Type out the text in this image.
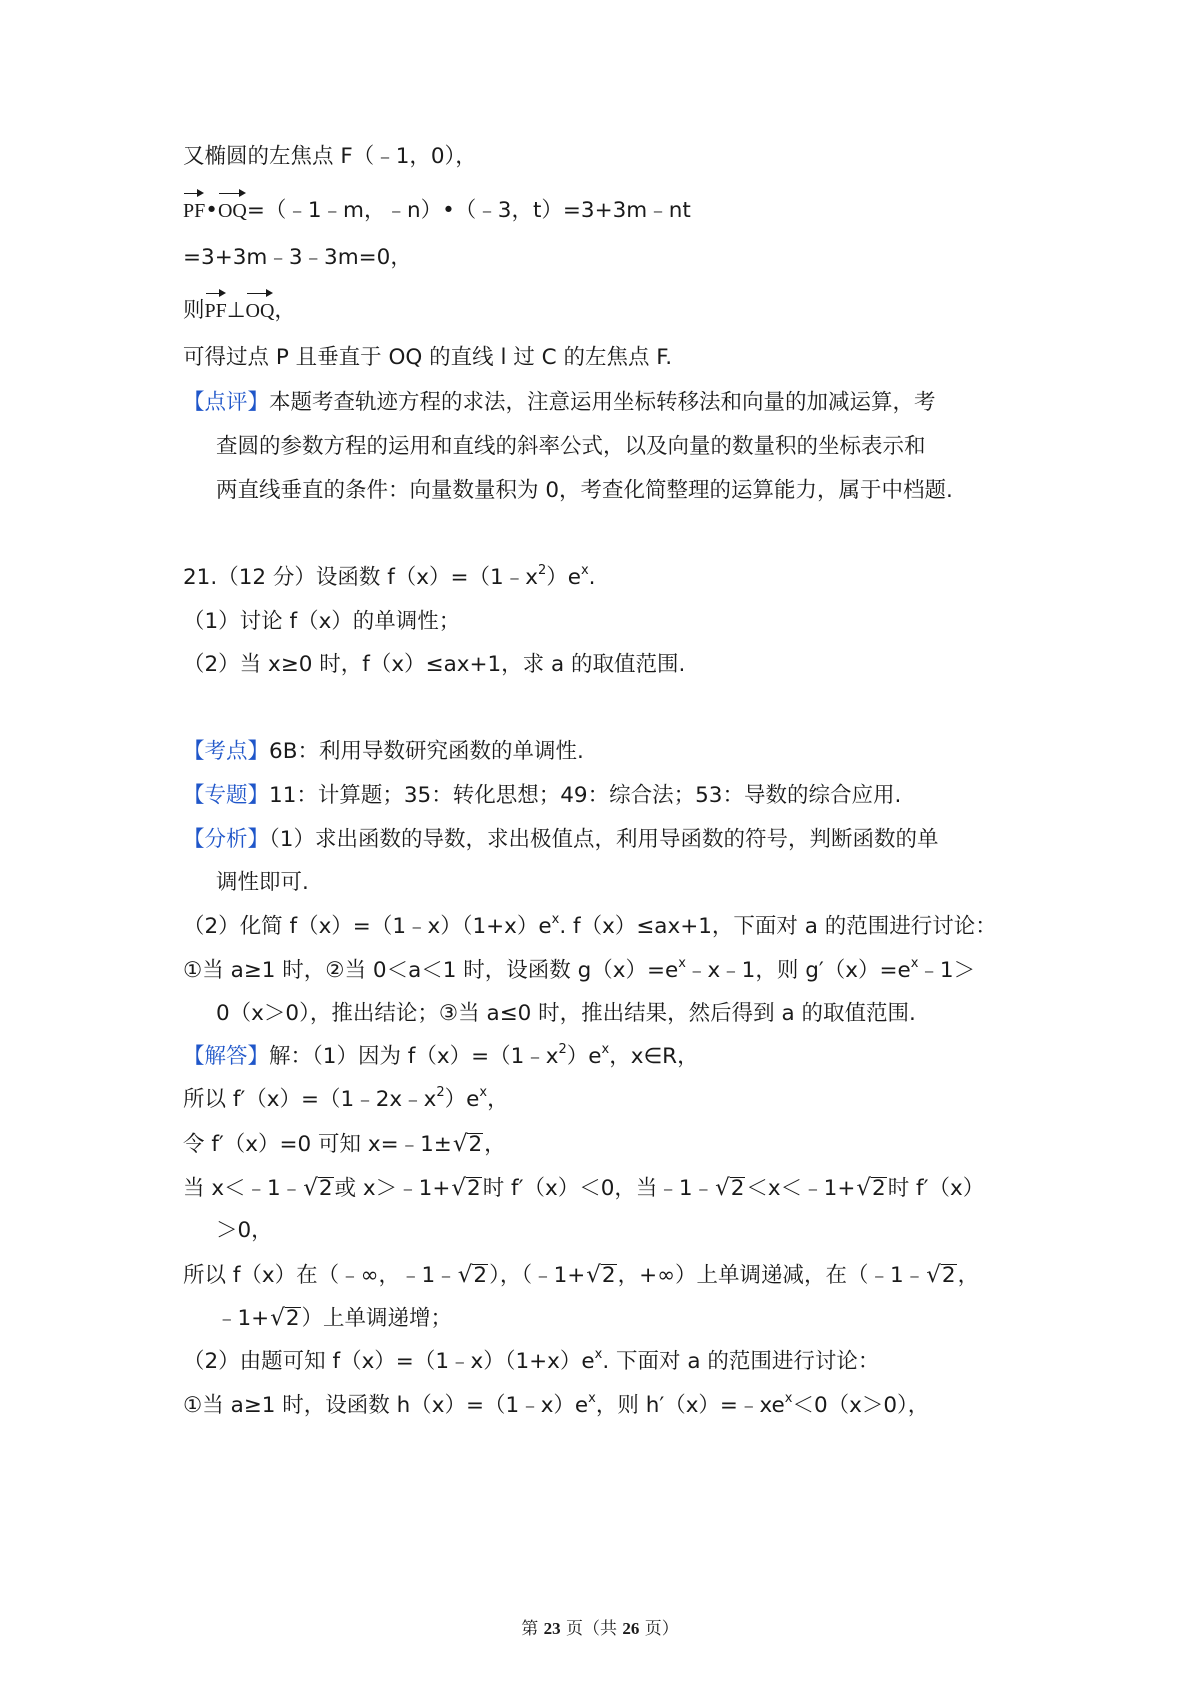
又椭圆的左焦点 F（﹣1，0），
PF•OQ=（﹣1﹣m，﹣n）•（﹣3，t）=3+3m﹣nt
=3+3m﹣3﹣3m=0，
则PF⊥OQ，
可得过点 P 且垂直于 OQ 的直线 l 过 C 的左焦点 F.
【点评】本题考查轨迹方程的求法，注意运用坐标转移法和向量的加减运算，考
查圆的参数方程的运用和直线的斜率公式，以及向量的数量积的坐标表示和
两直线垂直的条件：向量数量积为 0，考查化简整理的运算能力，属于中档题.
21.（12 分）设函数 $f(x)=(1﹣x^2)e^x$.
（1）讨论 f（x）的单调性；
（2）当 x≥0 时，f（x）≤ax+1，求 a 的取值范围.
【考点】6B：利用导数研究函数的单调性.
【专题】11：计算题；35：转化思想；49：综合法；53：导数的综合应用.
【分析】（1）求出函数的导数，求出极值点，利用导函数的符号，判断函数的单
调性即可.
（2）化简 $f(x)=(1﹣x)(1+x)e^x$. f（x）≤ax+1，下面对 a 的范围进行讨论：
①当 a≥1 时，②当 0＜a＜1 时，设函数 $g(x)=e^x﹣x﹣1$，则 $g'(x)=e^x﹣1>$
0（x＞0），推出结论；③当 a≤0 时，推出结果，然后得到 a 的取值范围.
【解答】解：（1）因为 $f(x)=(1﹣x^2)e^x$，x∈R，
所以 $f'(x)=(1﹣2x﹣x^2)e^x$，
令 f′（x）=0 可知 x=﹣1±√2，
当 x＜﹣1﹣√2或 x＞﹣1+√2时 f′（x）＜0，当﹣1﹣√2＜x＜﹣1+√2时 f′（x）
＞0，
所以 f（x）在（﹣∞，﹣1﹣√2），（﹣1+√2，+∞）上单调递减，在（﹣1﹣√2，
﹣1+√2）上单调递增；
（2）由题可知 $f(x)=(1﹣x)(1+x)e^x$. 下面对 a 的范围进行讨论：
①当 a≥1 时，设函数 $h(x)=(1﹣x)e^x$，则 $h'(x)=﹣xe^x<0(x>0)$，
第 23 页（共 26 页）
